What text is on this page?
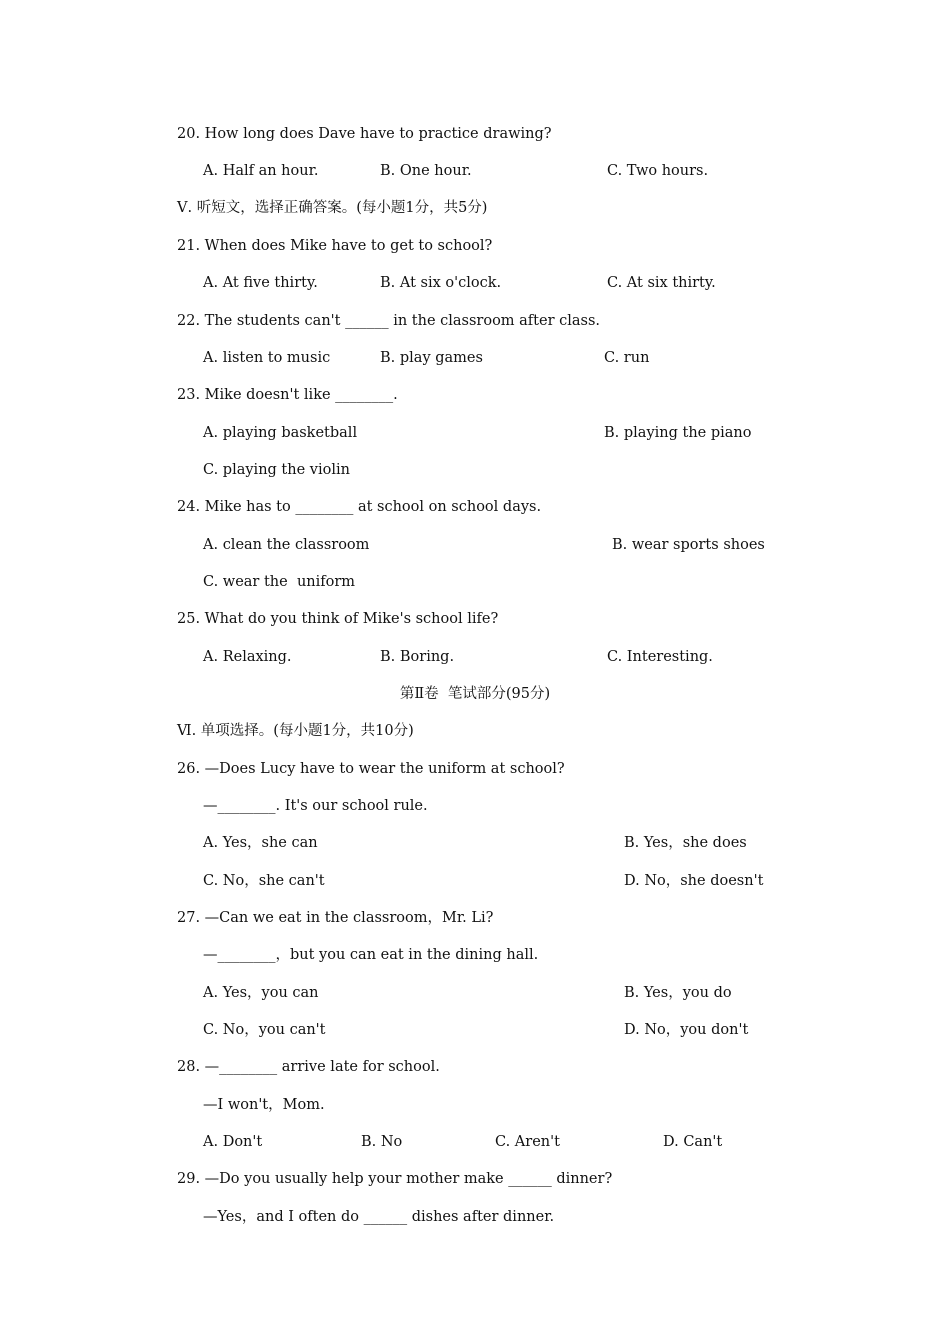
20. How long does Dave have to practice drawing?
A. Half an hour.	B. One hour.	C. Two hours.
Ⅴ. 听短文，选择正确答案。(每小题1分，共5分)
21. When does Mike have to get to school?
A. At five thirty.	B. At six o'clock.	C. At six thirty.
22. The students can't ______ in the classroom after class.
A. listen to music	B. play games	C. run
23. Mike doesn't like ________.
A. playing basketball	B. playing the piano
C. playing the violin
24. Mike has to ________ at school on school days.
A. clean the classroom	B. wear sports shoes
C. wear the  uniform
25. What do you think of Mike's school life?
A. Relaxing.	B. Boring.	C. Interesting.
第Ⅱ卷  笔试部分(95分)
Ⅵ. 单项选择。(每小题1分，共10分)
26. —Does Lucy have to wear the uniform at school?
—________. It's our school rule.
A. Yes，she can	B. Yes，she does
C. No，she can't	D. No，she doesn't
27. —Can we eat in the classroom，Mr. Li?
—________，but you can eat in the dining hall.
A. Yes，you can	B. Yes，you do
C. No，you can't	D. No，you don't
28. —________ arrive late for school.
—I won't，Mom.
A. Don't	B. No	C. Aren't	D. Can't
29. —Do you usually help your mother make ______ dinner?
—Yes，and I often do ______ dishes after dinner.
